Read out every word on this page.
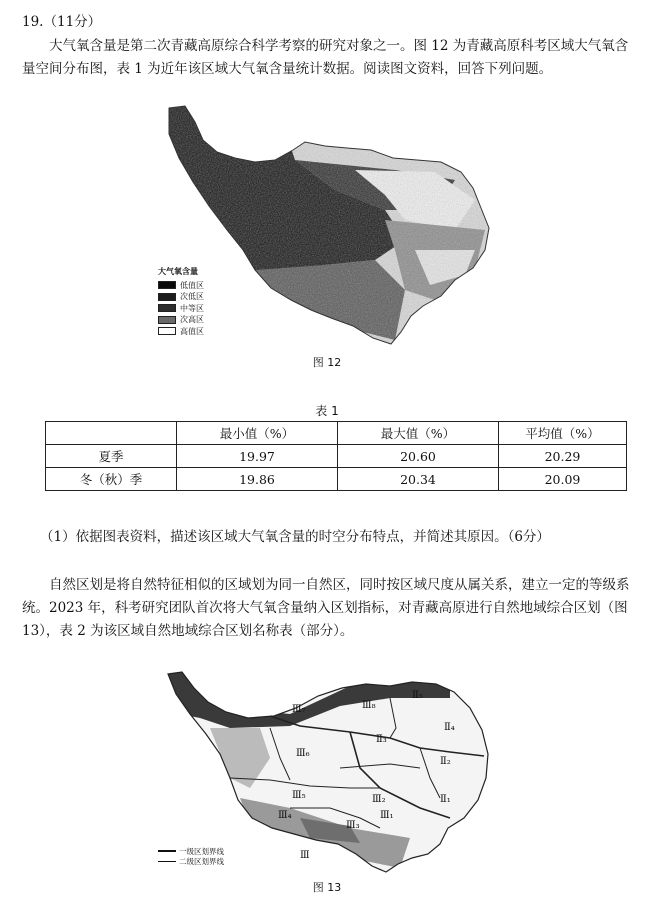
19.（11分）
大气氧含量是第二次青藏高原综合科学考察的研究对象之一。图 12 为青藏高原科考区域大气氧含量空间分布图，表 1 为近年该区域大气氧含量统计数据。阅读图文资料，回答下列问题。
大气氧含量
低值区
次低区
中等区
次高区
高值区
图 12
表 1
	最小值（%）	最大值（%）	平均值（%）
夏季	19.97	20.60	20.29
冬（秋）季	19.86	20.34	20.09
（1）依据图表资料，描述该区域大气氧含量的时空分布特点，并简述其原因。（6分）
自然区划是将自然特征相似的区域划为同一自然区，同时按区域尺度从属关系，建立一定的等级系统。2023 年，科考研究团队首次将大气氧含量纳入区划指标，对青藏高原进行自然地域综合区划（图 13），表 2 为该区域自然地域综合区划名称表（部分）。
Ⅱ₅
Ⅲ₈
Ⅲ₇
Ⅱ₄
Ⅲ₆
Ⅱ₃
Ⅱ₂
Ⅲ₅	Ⅲ₂
Ⅲ₃
Ⅲ₄	Ⅲ₁
Ⅱ₁
Ⅲ
一级区划界线
二级区划界线
图 13
